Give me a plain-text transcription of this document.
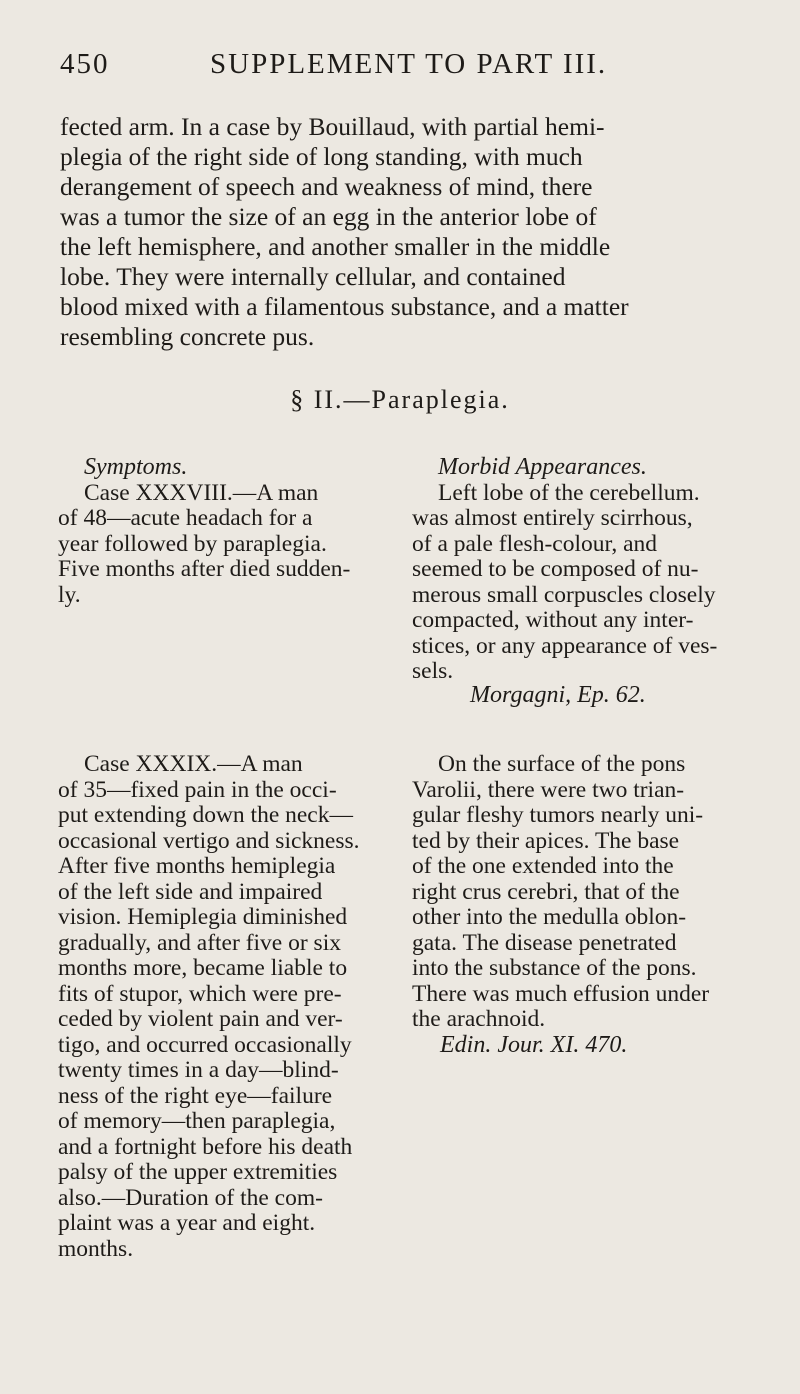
450	SUPPLEMENT TO PART III.

fected arm. In a case by Bouillaud, with partial hemi-
plegia of the right side of long standing, with much
derangement of speech and weakness of mind, there
was a tumor the size of an egg in the anterior lobe of
the left hemisphere, and another smaller in the middle
lobe. They were internally cellular, and contained
blood mixed with a filamentous substance, and a matter
resembling concrete pus.

§ II.—Paraplegia.
Symptoms.
Case XXXVIII.—A man
of 48—acute headach for a
year followed by paraplegia.
Five months after died sudden-
ly.
Case XXXIX.—A man
of 35—fixed pain in the occi-
put extending down the neck—
occasional vertigo and sickness.
After five months hemiplegia
of the left side and impaired
vision. Hemiplegia diminished
gradually, and after five or six
months more, became liable to
fits of stupor, which were pre-
ceded by violent pain and ver-
tigo, and occurred occasionally
twenty times in a day—blind-
ness of the right eye—failure
of memory—then paraplegia,
and a fortnight before his death
palsy of the upper extremities
also.—Duration of the com-
plaint was a year and eight.
months.
Morbid Appearances.
Left lobe of the cerebellum.
was almost entirely scirrhous,
of a pale flesh-colour, and
seemed to be composed of nu-
merous small corpuscles closely
compacted, without any inter-
stices, or any appearance of ves-
sels.
Morgagni, Ep. 62.
On the surface of the pons
Varolii, there were two trian-
gular fleshy tumors nearly uni-
ted by their apices. The base
of the one extended into the
right crus cerebri, that of the
other into the medulla oblon-
gata. The disease penetrated
into the substance of the pons.
There was much effusion under
the arachnoid.
Edin. Jour. XI. 470.
